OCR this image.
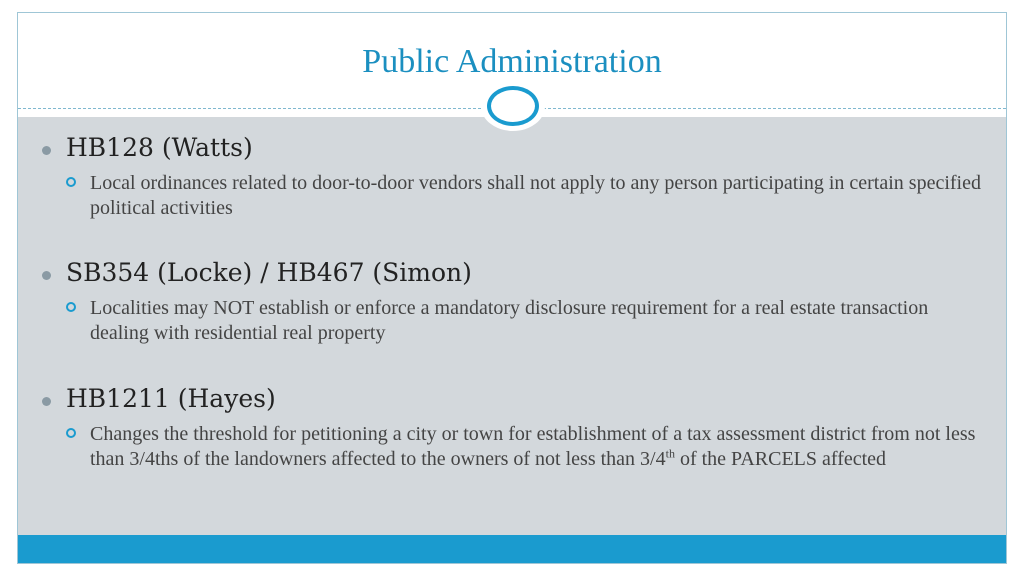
Public Administration
HB128 (Watts)
Local ordinances related to door-to-door vendors shall not apply to any person participating in certain specified political activities
SB354 (Locke) / HB467 (Simon)
Localities may NOT establish or enforce a mandatory disclosure requirement for a real estate transaction dealing with residential real property
HB1211 (Hayes)
Changes the threshold for petitioning a city or town for establishment of a tax assessment district from not less than 3/4ths of the landowners affected to the owners of not less than 3/4th of the PARCELS affected
